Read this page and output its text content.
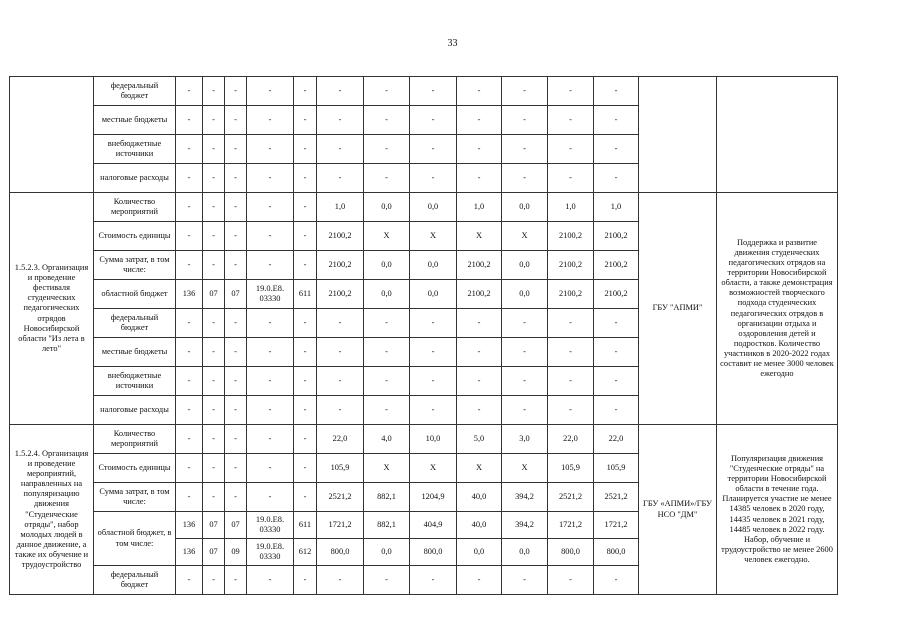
33
	федеральный бюджет	-	-	-	-	-	-	-	-	-	-	-	-		
	местные бюджеты	-	-	-	-	-	-	-	-	-	-	-	-		
	внебюджетные источники	-	-	-	-	-	-	-	-	-	-	-	-		
	налоговые расходы	-	-	-	-	-	-	-	-	-	-	-	-		
1.5.2.3. Организация и проведение фестиваля студенческих педагогических отрядов Новосибирской области "Из лета в лето"	Количество мероприятий	-	-	-	-	-	1,0	0,0	0,0	1,0	0,0	1,0	1,0	ГБУ "АПМИ"	Поддержка и развитие движения студенческих педагогических отрядов на территории Новосибирской области, а также демонстрация возможностей творческого подхода студенческих педагогических отрядов в организации отдыха и оздоровления детей и подростков. Количество участников в 2020-2022 годах составит не менее 3000 человек ежегодно
	Стоимость единицы	-	-	-	-	-	2100,2	X	X	X	X	2100,2	2100,2		
	Сумма затрат, в том числе:	-	-	-	-	-	2100,2	0,0	0,0	2100,2	0,0	2100,2	2100,2		
	областной бюджет	136	07	07	19.0.E8. 03330	611	2100,2	0,0	0,0	2100,2	0,0	2100,2	2100,2		
	федеральный бюджет	-	-	-	-	-	-	-	-	-	-	-	-		
	местные бюджеты	-	-	-	-	-	-	-	-	-	-	-	-		
	внебюджетные источники	-	-	-	-	-	-	-	-	-	-	-	-		
	налоговые расходы	-	-	-	-	-	-	-	-	-	-	-	-		
1.5.2.4. Организация и проведение мероприятий, направленных на популяризацию движения "Студенческие отряды", набор молодых людей в данное движение, а также их обучение и трудоустройство	Количество мероприятий	-	-	-	-	-	22,0	4,0	10,0	5,0	3,0	22,0	22,0	ГБУ «АПМИ»/ГБУ НСО "ДМ"	Популяризация движения "Студенческие отряды" на территории Новосибирской области в течение года. Планируется участие не менее 14385 человек в 2020 году, 14435 человек в 2021 году, 14485 человек в 2022 году. Набор, обучение и трудоустройство не менее 2600 человек ежегодно.
	Стоимость единицы	-	-	-	-	-	105,9	X	X	X	X	105,9	105,9		
	Сумма затрат, в том числе:	-	-	-	-	-	2521,2	882,1	1204,9	40,0	394,2	2521,2	2521,2		
	областной бюджет, в том числе:	136	07	07	19.0.E8. 03330	611	1721,2	882,1	404,9	40,0	394,2	1721,2	1721,2		
		136	07	09	19.0.E8. 03330	612	800,0	0,0	800,0	0,0	0,0	800,0	800,0		
	федеральный бюджет	-	-	-	-	-	-	-	-	-	-	-	-		
